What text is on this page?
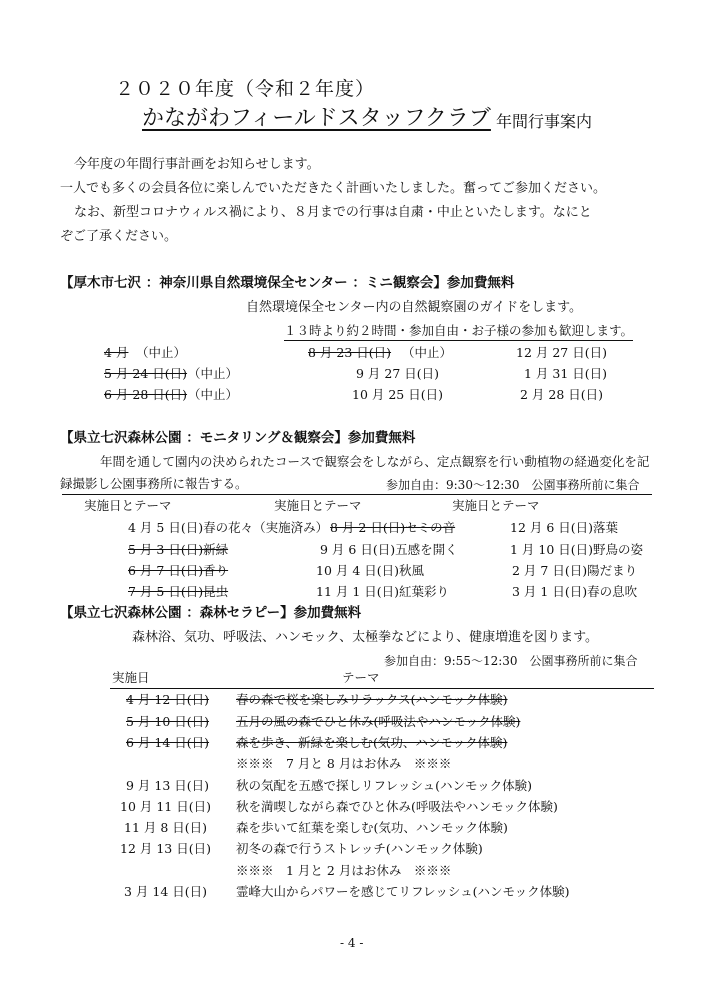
２０２０年度（令和２年度）
かながわフィールドスタッフクラブ 年間行事案内
今年度の年間行事計画をお知らせします。
一人でも多くの会員各位に楽しんでいただきたく計画いたしました。奮ってご参加ください。
なお、新型コロナウィルス禍により、８月までの行事は自粛・中止といたします。なにと
ぞご了承ください。
【厚木市七沢 ：神奈川県自然環境保全センター ：ミニ観察会】参加費無料
自然環境保全センター内の自然観察園のガイドをします。
１３時より約２時間・参加自由・お子様の参加も歓迎します。
4 月 （中止）	8 月 23 日(日) （中止）	12 月 27 日(日)
5 月 24 日(日) （中止）	9 月 27 日(日)	1 月 31 日(日)
6 月 28 日(日) （中止）	10 月 25 日(日)	2 月 28 日(日)
【県立七沢森林公園 ：モニタリング＆観察会】参加費無料
年間を通して園内の決められたコースで観察会をしながら、定点観察を行い動植物の経過変化を記
録撮影し公園事務所に報告する。	参加自由：9:30～12:30　公園事務所前に集合
実施日とテーマ	実施日とテーマ	実施日とテーマ
4 月 5 日(日)春の花々（実施済み） 8 月 2 日(日)セミの音	12 月 6 日(日)落葉
5 月 3 日(日)新緑	9 月 6 日(日)五感を開く	1 月 10 日(日)野鳥の姿
6 月 7 日(日)香り	10 月 4 日(日)秋風	2 月 7 日(日)陽だまり
7 月 5 日(日)昆虫	11 月 1 日(日)紅葉彩り	3 月 1 日(日)春の息吹
【県立七沢森林公園 ：森林セラピー】参加費無料
森林浴、気功、呼吸法、ハンモック、太極拳などにより、健康増進を図ります。
参加自由：9:55～12:30　公園事務所前に集合
実施日	テーマ
4 月 12 日(日) 春の森で桜を楽しみリラックス(ハンモック体験)
5 月 10 日(日) 五月の風の森でひと休み(呼吸法やハンモック体験)
6 月 14 日(日) 森を歩き、新緑を楽しむ(気功、ハンモック体験)
※※※　7 月と 8 月はお休み　※※※
9 月 13 日(日) 秋の気配を五感で探しリフレッシュ(ハンモック体験)
10 月 11 日(日) 秋を満喫しながら森でひと休み(呼吸法やハンモック体験)
11 月 8 日(日) 森を歩いて紅葉を楽しむ(気功、ハンモック体験)
12 月 13 日(日) 初冬の森で行うストレッチ(ハンモック体験)
※※※　1 月と 2 月はお休み　※※※
3 月 14 日(日) 霊峰大山からパワーを感じてリフレッシュ(ハンモック体験)
- 4 -
